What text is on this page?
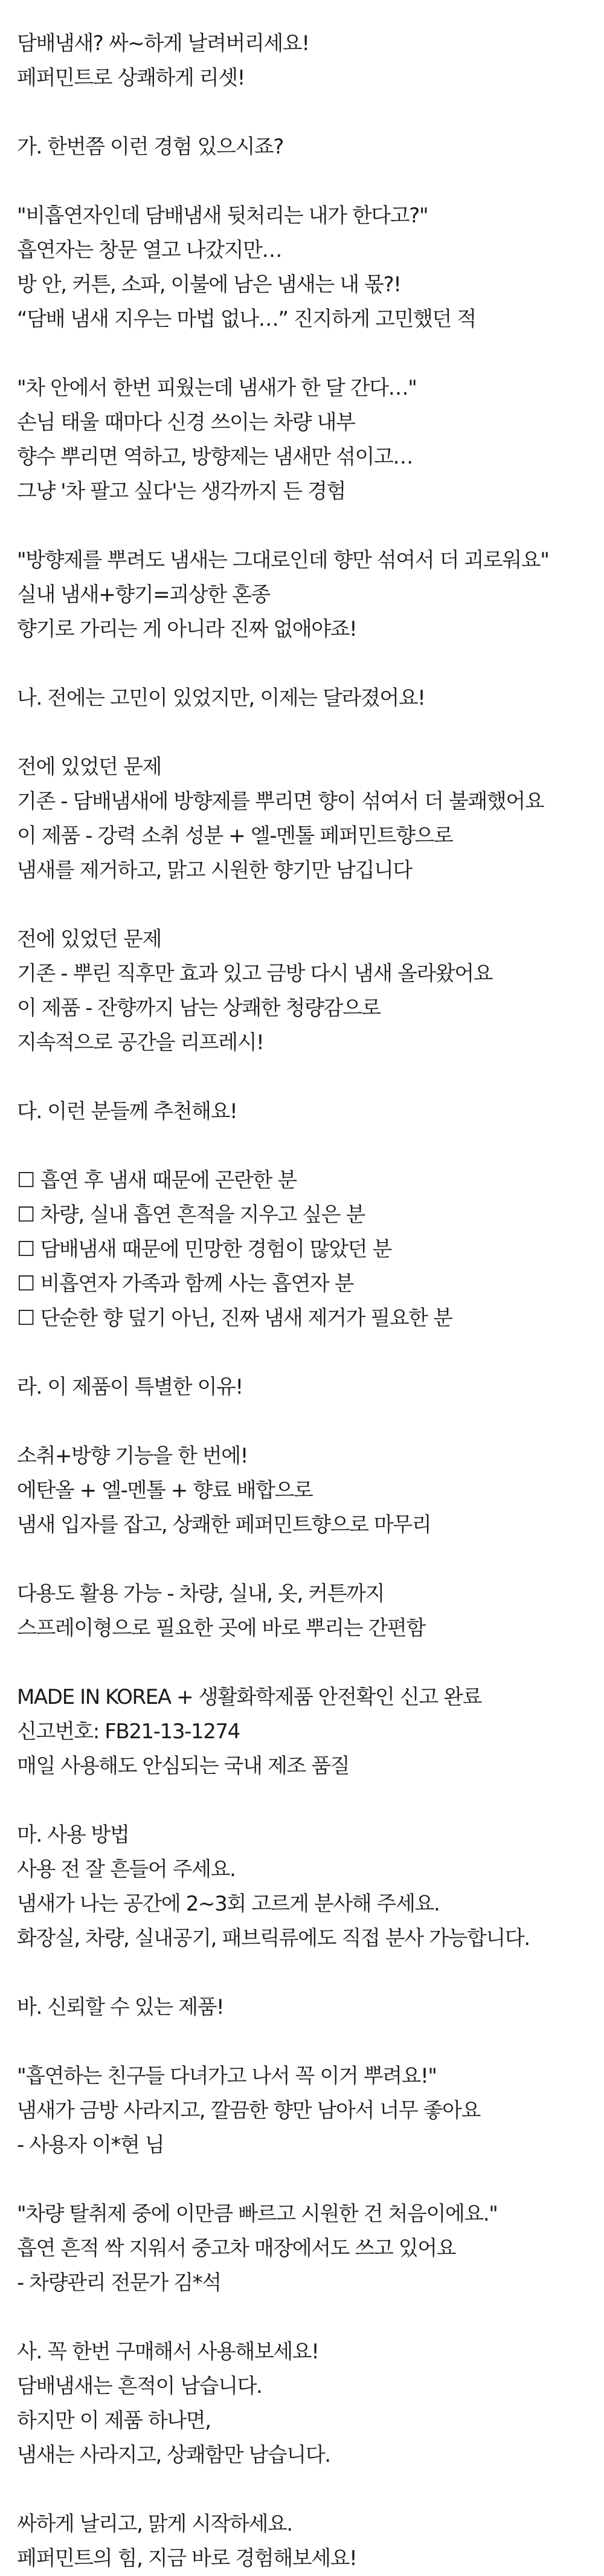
담배냄새? 싸~하게 날려버리세요!
페퍼민트로 상쾌하게 리셋!
가. 한번쯤 이런 경험 있으시죠?
"비흡연자인데 담배냄새 뒷처리는 내가 한다고?"
흡연자는 창문 열고 나갔지만…
방 안, 커튼, 소파, 이불에 남은 냄새는 내 몫?!
“담배 냄새 지우는 마법 없나…” 진지하게 고민했던 적
"차 안에서 한번 피웠는데 냄새가 한 달 간다…"
손님 태울 때마다 신경 쓰이는 차량 내부
향수 뿌리면 역하고, 방향제는 냄새만 섞이고…
그냥 '차 팔고 싶다'는 생각까지 든 경험
"방향제를 뿌려도 냄새는 그대로인데 향만 섞여서 더 괴로워요"
실내 냄새+향기=괴상한 혼종
향기로 가리는 게 아니라 진짜 없애야죠!
나. 전에는 고민이 있었지만, 이제는 달라졌어요!
전에 있었던 문제
기존 - 담배냄새에 방향제를 뿌리면 향이 섞여서 더 불쾌했어요
이 제품 - 강력 소취 성분 + 엘-멘톨 페퍼민트향으로
냄새를 제거하고, 맑고 시원한 향기만 남깁니다
전에 있었던 문제
기존 - 뿌린 직후만 효과 있고 금방 다시 냄새 올라왔어요
이 제품 - 잔향까지 남는 상쾌한 청량감으로
지속적으로 공간을 리프레시!
다. 이런 분들께 추천해요!
☐ 흡연 후 냄새 때문에 곤란한 분
☐ 차량, 실내 흡연 흔적을 지우고 싶은 분
☐ 담배냄새 때문에 민망한 경험이 많았던 분
☐ 비흡연자 가족과 함께 사는 흡연자 분
☐ 단순한 향 덮기 아닌, 진짜 냄새 제거가 필요한 분
라. 이 제품이 특별한 이유!
소취+방향 기능을 한 번에!
에탄올 + 엘-멘톨 + 향료 배합으로
냄새 입자를 잡고, 상쾌한 페퍼민트향으로 마무리
다용도 활용 가능 - 차량, 실내, 옷, 커튼까지
스프레이형으로 필요한 곳에 바로 뿌리는 간편함
MADE IN KOREA + 생활화학제품 안전확인 신고 완료
신고번호: FB21-13-1274
매일 사용해도 안심되는 국내 제조 품질
마. 사용 방법
사용 전 잘 흔들어 주세요.
냄새가 나는 공간에 2~3회 고르게 분사해 주세요.
화장실, 차량, 실내공기, 패브릭류에도 직접 분사 가능합니다.
바. 신뢰할 수 있는 제품!
"흡연하는 친구들 다녀가고 나서 꼭 이거 뿌려요!"
냄새가 금방 사라지고, 깔끔한 향만 남아서 너무 좋아요
- 사용자 이*현 님
"차량 탈취제 중에 이만큼 빠르고 시원한 건 처음이에요."
흡연 흔적 싹 지워서 중고차 매장에서도 쓰고 있어요
- 차량관리 전문가 김*석
사. 꼭 한번 구매해서 사용해보세요!
담배냄새는 흔적이 남습니다.
하지만 이 제품 하나면,
냄새는 사라지고, 상쾌함만 남습니다.
싸하게 날리고, 맑게 시작하세요.
페퍼민트의 힘, 지금 바로 경험해보세요!
